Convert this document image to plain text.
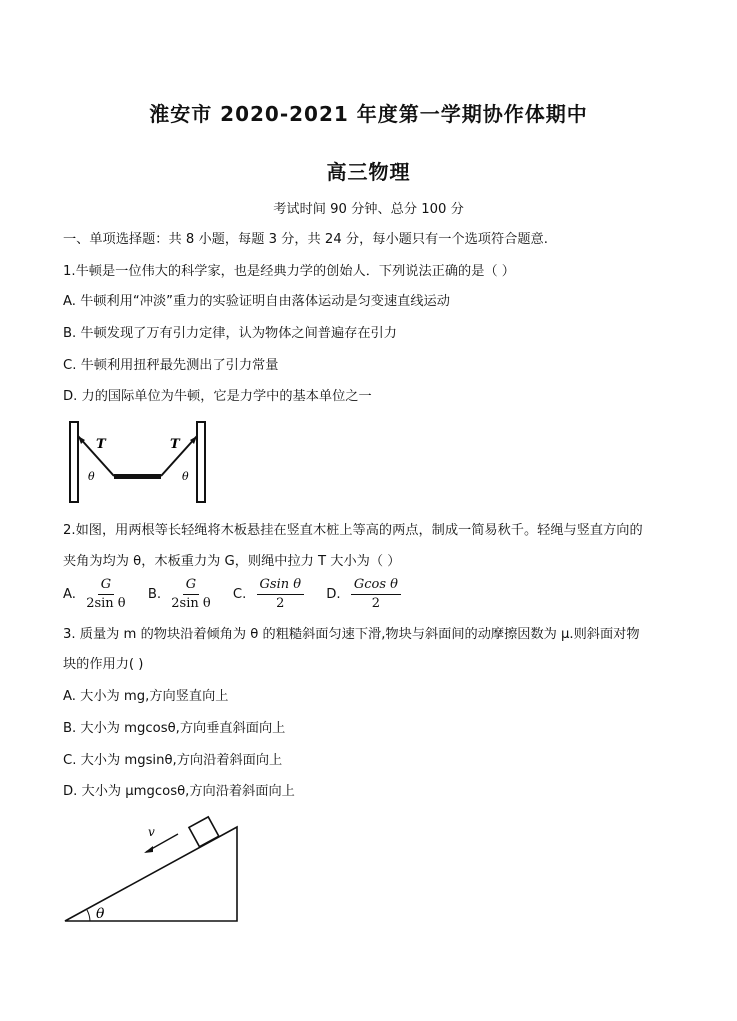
淮安市 2020-2021 年度第一学期协作体期中
高三物理
考试时间 90 分钟、总分 100 分
一、单项选择题：共 8 小题，每题 3 分，共 24 分，每小题只有一个选项符合题意.
1.牛顿是一位伟大的科学家，也是经典力学的创始人．下列说法正确的是（ ）
A. 牛顿利用“冲淡”重力的实验证明自由落体运动是匀变速直线运动
B. 牛顿发现了万有引力定律，认为物体之间普遍存在引力
C. 牛顿利用扭秤最先测出了引力常量
D. 力的国际单位为牛顿，它是力学中的基本单位之一
T	T
θ	θ
2.如图，用两根等长轻绳将木板悬挂在竖直木桩上等高的两点，制成一简易秋千。轻绳与竖直方向的
夹角为均为 θ，木板重力为 G，则绳中拉力 T 大小为（ ）
A. $\frac{G}{\text{2sin θ}} B$. $\frac{G}{\text{2sin θ}} C$. $\frac{\text{Gsin θ}}{2} D$. $\frac{\text{Gcos θ}}{2}$
3. 质量为 m 的物块沿着倾角为 θ 的粗糙斜面匀速下滑,物块与斜面间的动摩擦因数为 μ.则斜面对物
块的作用力( )
A. 大小为 mg,方向竖直向上
B. 大小为 mgcosθ,方向垂直斜面向上
C. 大小为 mgsinθ,方向沿着斜面向上
D. 大小为 μmgcosθ,方向沿着斜面向上
v
θ
